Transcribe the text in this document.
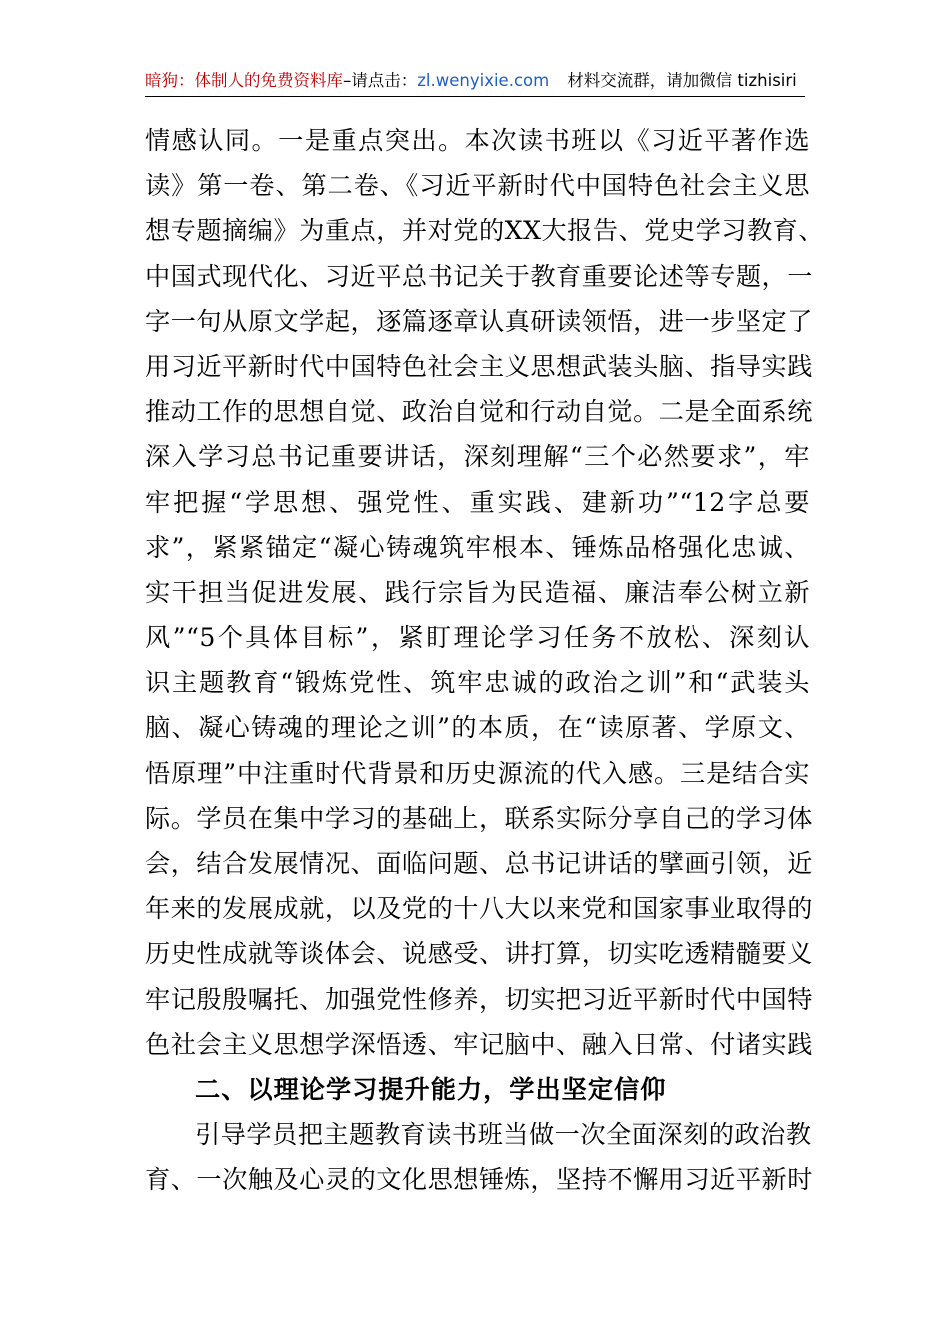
暗狗：体制人的免费资料库–请点击：zl.wenyixie.com 材料交流群，请加微信 tizhisiri
情感认同。一是重点突出。本次读书班以《习近平著作选
读》第一卷、第二卷、《习近平新时代中国特色社会主义思
想专题摘编》为重点，并对党的XX大报告、党史学习教育、
中国式现代化、习近平总书记关于教育重要论述等专题，一
字一句从原文学起，逐篇逐章认真研读领悟，进一步坚定了
用习近平新时代中国特色社会主义思想武装头脑、指导实践
推动工作的思想自觉、政治自觉和行动自觉。二是全面系统
深入学习总书记重要讲话，深刻理解“三个必然要求”，牢
牢把握“学思想、强党性、重实践、建新功”“12字总要
求”，紧紧锚定“凝心铸魂筑牢根本、锤炼品格强化忠诚、
实干担当促进发展、践行宗旨为民造福、廉洁奉公树立新
风”“5个具体目标”，紧盯理论学习任务不放松、深刻认
识主题教育“锻炼党性、筑牢忠诚的政治之训”和“武装头
脑、凝心铸魂的理论之训”的本质，在“读原著、学原文、
悟原理”中注重时代背景和历史源流的代入感。三是结合实
际。学员在集中学习的基础上，联系实际分享自己的学习体
会，结合发展情况、面临问题、总书记讲话的擘画引领，近
年来的发展成就，以及党的十八大以来党和国家事业取得的
历史性成就等谈体会、说感受、讲打算，切实吃透精髓要义
牢记殷殷嘱托、加强党性修养，切实把习近平新时代中国特
色社会主义思想学深悟透、牢记脑中、融入日常、付诸实践
二、以理论学习提升能力，学出坚定信仰
引导学员把主题教育读书班当做一次全面深刻的政治教
育、一次触及心灵的文化思想锤炼，坚持不懈用习近平新时
